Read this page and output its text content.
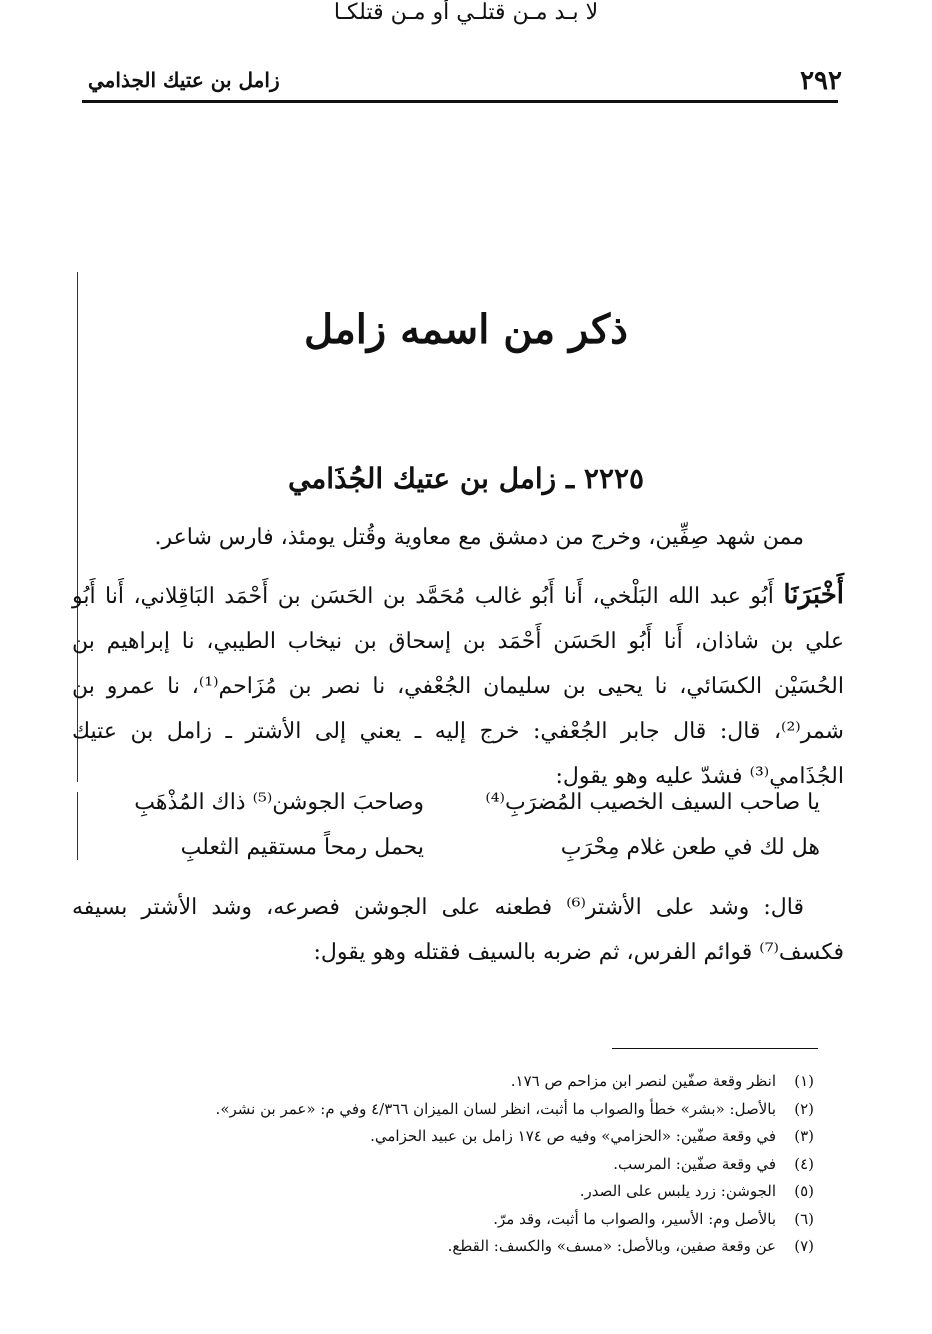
٢٩٢
زامل بن عتيك الجذامي
ذكر من اسمه زامل
٢٢٢٥ ـ زامل بن عتيك الجُذَامي
ممن شهد صِفِّين، وخرج من دمشق مع معاوية وقُتل يومئذ، فارس شاعر.
أَخْبَرَنَا أَبُو عبد الله البَلْخي، أَنا أَبُو غالب مُحَمَّد بن الحَسَن بن أَحْمَد البَاقِلاني، أَنا أَبُو علي بن شاذان، أَنا أَبُو الحَسَن أَحْمَد بن إسحاق بن نيخاب الطيبي، نا إبراهيم بن الحُسَيْن الكسَائي، نا يحيى بن سليمان الجُعْفي، نا نصر بن مُزَاحم⁽¹⁾، نا عمرو بن شمر⁽²⁾، قال: قال جابر الجُعْفي: خرج إليه ـ يعني إلى الأشتر ـ زامل بن عتيك الجُذَامي⁽³⁾ فشدّ عليه وهو يقول:
يا صاحب السيف الخصيب المُضرَبِ⁽⁴⁾
وصاحبَ الجوشن⁽⁵⁾ ذاك المُذْهَبِ
هل لك في طعن غلام مِحْرَبِ
يحمل رمحاً مستقيم الثعلبِ
قال: وشد على الأشتر⁽⁶⁾ فطعنه على الجوشن فصرعه، وشد الأشتر بسيفه فكسف⁽⁷⁾ قوائم الفرس، ثم ضربه بالسيف فقتله وهو يقول:
لا بـد مـن قتلـي أو مـن قتلكـا
(١)انظر وقعة صفّين لنصر ابن مزاحم ص ١٧٦.
(٢)بالأصل: «بشر» خطأ والصواب ما أثبت، انظر لسان الميزان ٤/٣٦٦ وفي م: «عمر بن نشر».
(٣)في وقعة صفّين: «الحزامي» وفيه ص ١٧٤ زامل بن عبيد الحزامي.
(٤)في وقعة صفّين: المرسب.
(٥)الجوشن: زرد يلبس على الصدر.
(٦)بالأصل وم: الأسير، والصواب ما أثبت، وقد مرّ.
(٧)عن وقعة صفين، وبالأصل: «مسف» والكسف: القطع.
